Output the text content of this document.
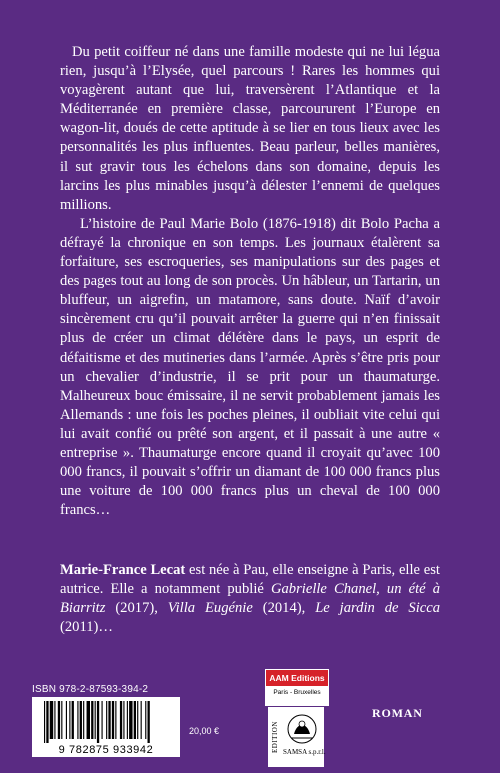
Du petit coiffeur né dans une famille modeste qui ne lui légua rien, jusqu’à l’Elysée, quel parcours ! Rares les hommes qui voyagèrent autant que lui, traversèrent l’Atlantique et la Méditerranée en première classe, parcoururent l’Europe en wagon-lit, doués de cette aptitude à se lier en tous lieux avec les personnalités les plus influentes. Beau parleur, belles manières, il sut gravir tous les échelons dans son domaine, depuis les larcins les plus minables jusqu’à délester l’ennemi de quelques millions.

L’histoire de Paul Marie Bolo (1876-1918) dit Bolo Pacha a défrayé la chronique en son temps. Les journaux étalèrent sa forfaiture, ses escroqueries, ses manipulations sur des pages et des pages tout au long de son procès. Un hâbleur, un Tartarin, un bluffeur, un aigrefin, un matamore, sans doute. Naïf d’avoir sincèrement cru qu’il pouvait arrêter la guerre qui n’en finissait plus de créer un climat délétère dans le pays, un esprit de défaitisme et des mutineries dans l’armée. Après s’être pris pour un chevalier d’industrie, il se prit pour un thaumaturge. Malheureux bouc émissaire, il ne servit probablement jamais les Allemands : une fois les poches pleines, il oubliait vite celui qui lui avait confié ou prêté son argent, et il passait à une autre « entreprise ». Thaumaturge encore quand il croyait qu’avec 100 000 francs, il pouvait s’offrir un diamant de 100 000 francs plus une voiture de 100 000 francs plus un cheval de 100 000 francs…

Marie-France Lecat est née à Pau, elle enseigne à Paris, elle est autrice. Elle a notamment publié Gabrielle Chanel, un été à Biarritz (2017), Villa Eugénie (2014), Le jardin de Sicca (2011)…

ISBN 978-2-87593-394-2
9 782875 933942
20,00 €
AAM Editions
Paris - Bruxelles
EDITION SAMSA s.p.r.l.
ROMAN
